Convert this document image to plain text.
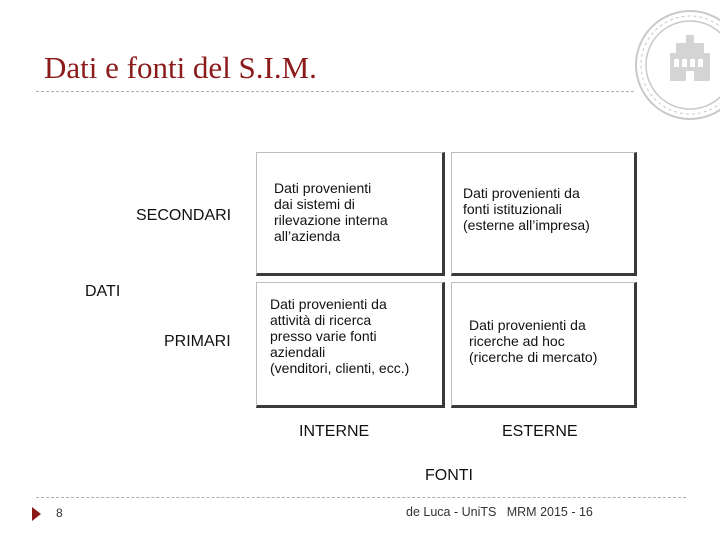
Dati e fonti del S.I.M.
SECONDARI
DATI
PRIMARI
Dati provenienti
dai sistemi di
rilevazione interna
all’azienda
Dati provenienti da
fonti istituzionali
(esterne all’impresa)
Dati provenienti da
attività di ricerca
presso varie fonti
aziendali
(venditori, clienti, ecc.)
Dati provenienti da
ricerche ad hoc
(ricerche di mercato)
INTERNE	ESTERNE
FONTI
8	de Luca - UniTS   MRM 2015 - 16
